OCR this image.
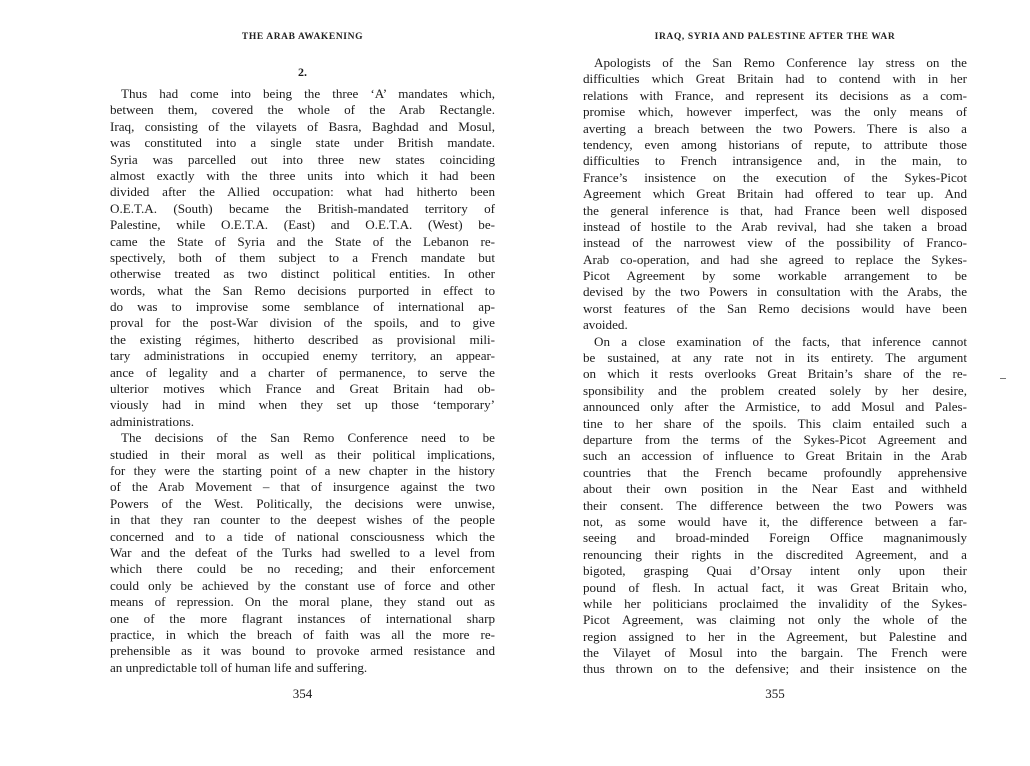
THE ARAB AWAKENING
2.
Thus had come into being the three ‘A’ mandates which,
between them, covered the whole of the Arab Rectangle.
Iraq, consisting of the vilayets of Basra, Baghdad and Mosul,
was constituted into a single state under British mandate.
Syria was parcelled out into three new states coinciding
almost exactly with the three units into which it had been
divided after the Allied occupation: what had hitherto been
O.E.T.A. (South) became the British-mandated territory of
Palestine, while O.E.T.A. (East) and O.E.T.A. (West) be-
came the State of Syria and the State of the Lebanon re-
spectively, both of them subject to a French mandate but
otherwise treated as two distinct political entities. In other
words, what the San Remo decisions purported in effect to
do was to improvise some semblance of international ap-
proval for the post-War division of the spoils, and to give
the existing régimes, hitherto described as provisional mili-
tary administrations in occupied enemy territory, an appear-
ance of legality and a charter of permanence, to serve the
ulterior motives which France and Great Britain had ob-
viously had in mind when they set up those ‘temporary’
administrations.
The decisions of the San Remo Conference need to be
studied in their moral as well as their political implications,
for they were the starting point of a new chapter in the history
of the Arab Movement – that of insurgence against the two
Powers of the West. Politically, the decisions were unwise,
in that they ran counter to the deepest wishes of the people
concerned and to a tide of national consciousness which the
War and the defeat of the Turks had swelled to a level from
which there could be no receding; and their enforcement
could only be achieved by the constant use of force and other
means of repression. On the moral plane, they stand out as
one of the more flagrant instances of international sharp
practice, in which the breach of faith was all the more re-
prehensible as it was bound to provoke armed resistance and
an unpredictable toll of human life and suffering.
354
IRAQ, SYRIA AND PALESTINE AFTER THE WAR
Apologists of the San Remo Conference lay stress on the
difficulties which Great Britain had to contend with in her
relations with France, and represent its decisions as a com-
promise which, however imperfect, was the only means of
averting a breach between the two Powers. There is also a
tendency, even among historians of repute, to attribute those
difficulties to French intransigence and, in the main, to
France’s insistence on the execution of the Sykes-Picot
Agreement which Great Britain had offered to tear up. And
the general inference is that, had France been well disposed
instead of hostile to the Arab revival, had she taken a broad
instead of the narrowest view of the possibility of Franco-
Arab co-operation, and had she agreed to replace the Sykes-
Picot Agreement by some workable arrangement to be
devised by the two Powers in consultation with the Arabs, the
worst features of the San Remo decisions would have been
avoided.
On a close examination of the facts, that inference cannot
be sustained, at any rate not in its entirety. The argument
on which it rests overlooks Great Britain’s share of the re-
sponsibility and the problem created solely by her desire,
announced only after the Armistice, to add Mosul and Pales-
tine to her share of the spoils. This claim entailed such a
departure from the terms of the Sykes-Picot Agreement and
such an accession of influence to Great Britain in the Arab
countries that the French became profoundly apprehensive
about their own position in the Near East and withheld
their consent. The difference between the two Powers was
not, as some would have it, the difference between a far-
seeing and broad-minded Foreign Office magnanimously
renouncing their rights in the discredited Agreement, and a
bigoted, grasping Quai d’Orsay intent only upon their
pound of flesh. In actual fact, it was Great Britain who,
while her politicians proclaimed the invalidity of the Sykes-
Picot Agreement, was claiming not only the whole of the
region assigned to her in the Agreement, but Palestine and
the Vilayet of Mosul into the bargain. The French were
thus thrown on to the defensive; and their insistence on the
355
